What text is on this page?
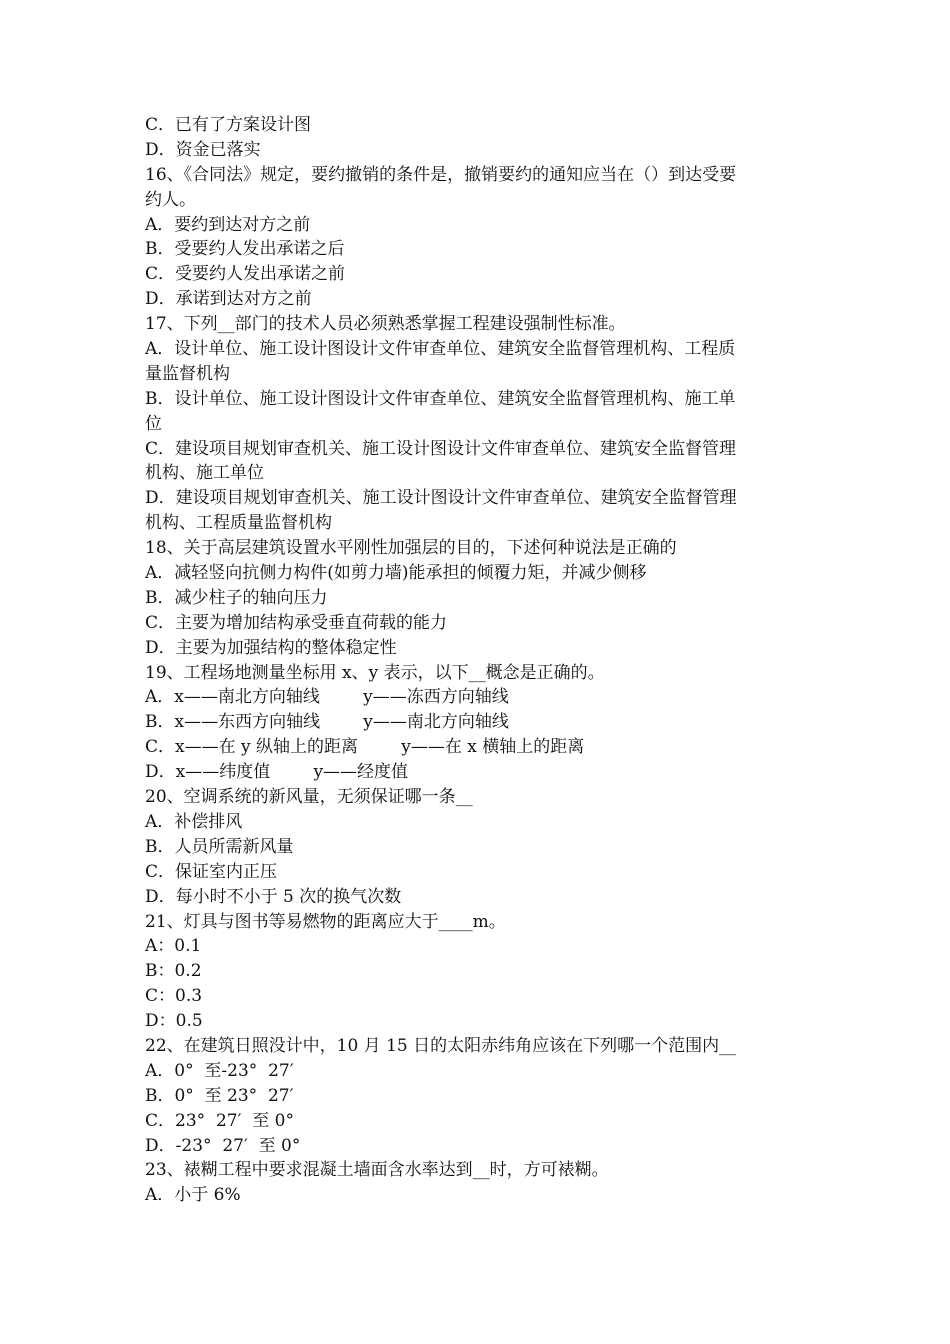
C．已有了方案设计图

D．资金已落实

16、《合同法》规定，要约撤销的条件是，撤销要约的通知应当在（）到达受要

约人。

A．要约到达对方之前

B．受要约人发出承诺之后

C．受要约人发出承诺之前

D．承诺到达对方之前

17、下列__部门的技术人员必须熟悉掌握工程建设强制性标准。

A．设计单位、施工设计图设计文件审查单位、建筑安全监督管理机构、工程质

量监督机构

B．设计单位、施工设计图设计文件审查单位、建筑安全监督管理机构、施工单

位

C．建设项目规划审查机关、施工设计图设计文件审查单位、建筑安全监督管理

机构、施工单位

D．建设项目规划审查机关、施工设计图设计文件审查单位、建筑安全监督管理

机构、工程质量监督机构

18、关于高层建筑设置水平刚性加强层的目的，下述何种说法是正确的

A．减轻竖向抗侧力构件(如剪力墙)能承担的倾覆力矩，并减少侧移

B．减少柱子的轴向压力

C．主要为增加结构承受垂直荷载的能力

D．主要为加强结构的整体稳定性

19、工程场地测量坐标用 x、y 表示，以下__概念是正确的。

A．x——南北方向轴线        y——冻西方向轴线

B．x——东西方向轴线        y——南北方向轴线

C．x——在 y 纵轴上的距离        y——在 x 横轴上的距离

D．x——纬度值        y——经度值

20、空调系统的新风量，无须保证哪一条__

A．补偿排风

B．人员所需新风量

C．保证室内正压

D．每小时不小于 5 次的换气次数

21、灯具与图书等易燃物的距离应大于____m。

A：0.1

B：0.2

C：0.3

D：0.5

22、在建筑日照没计中，10 月 15 日的太阳赤纬角应该在下列哪一个范围内__

A．0°  至-23°  27′

B．0°  至 23°  27′

C．23°  27′  至 0°

D．-23°  27′  至 0°

23、裱糊工程中要求混凝土墙面含水率达到__时，方可裱糊。

A．小于 6%
